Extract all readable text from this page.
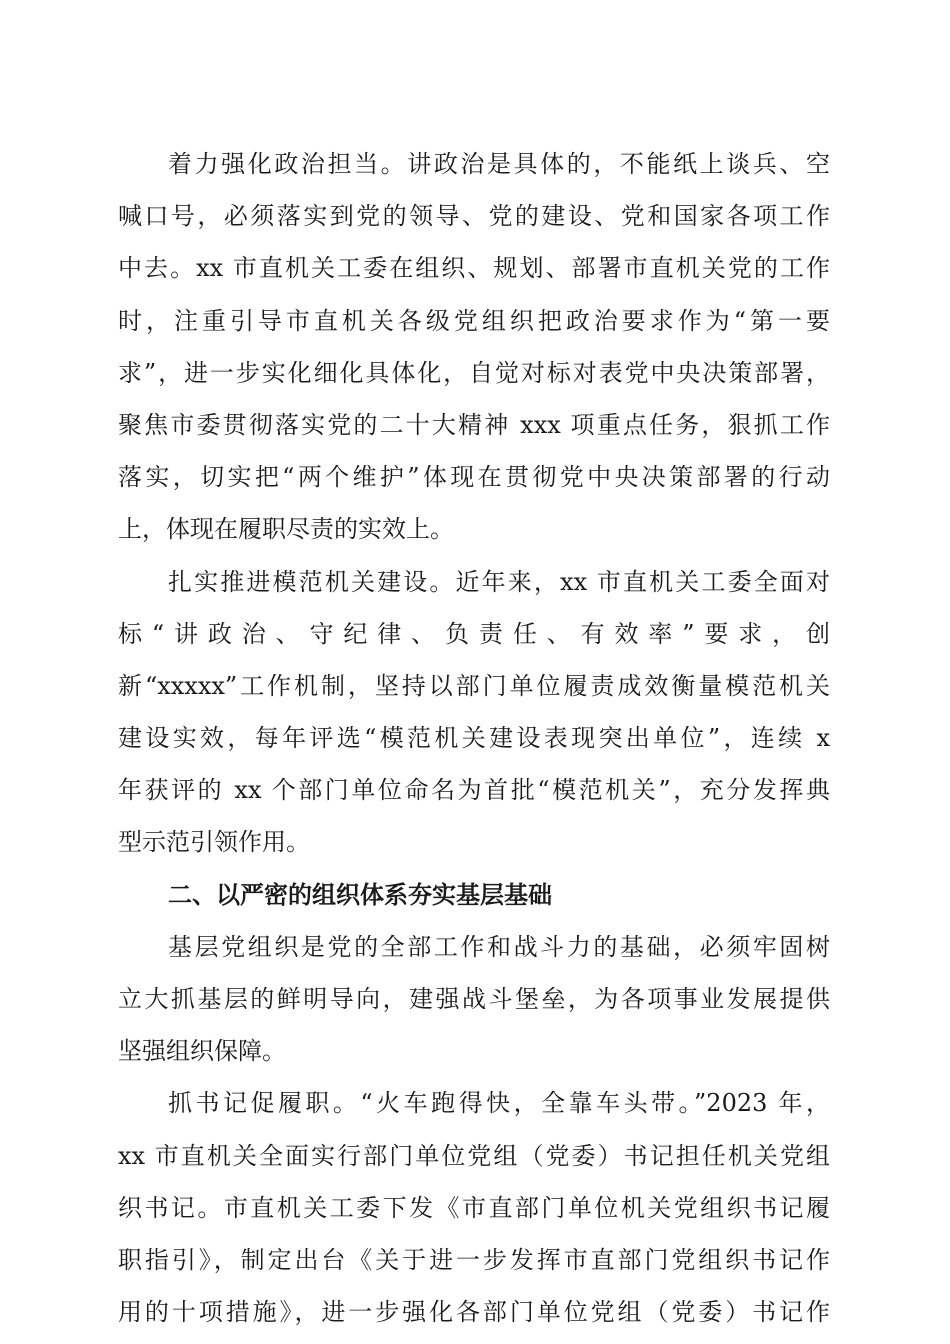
着力强化政治担当。讲政治是具体的，不能纸上谈兵、空
喊口号，必须落实到党的领导、党的建设、党和国家各项工作
中去。xx 市直机关工委在组织、规划、部署市直机关党的工作
时，注重引导市直机关各级党组织把政治要求作为“第一要
求”，进一步实化细化具体化，自觉对标对表党中央决策部署，
聚焦市委贯彻落实党的二十大精神 xxx 项重点任务，狠抓工作
落实，切实把“两个维护”体现在贯彻党中央决策部署的行动
上，体现在履职尽责的实效上。
扎实推进模范机关建设。近年来，xx 市直机关工委全面对
标“讲政治、守纪律、负责任、有效率”要求，创
新“xxxxx”工作机制，坚持以部门单位履责成效衡量模范机关
建设实效，每年评选“模范机关建设表现突出单位”，连续 x
年获评的 xx 个部门单位命名为首批“模范机关”，充分发挥典
型示范引领作用。
二、以严密的组织体系夯实基层基础
基层党组织是党的全部工作和战斗力的基础，必须牢固树
立大抓基层的鲜明导向，建强战斗堡垒，为各项事业发展提供
坚强组织保障。
抓书记促履职。“火车跑得快，全靠车头带。”2023 年，
xx 市直机关全面实行部门单位党组（党委）书记担任机关党组
织书记。市直机关工委下发《市直部门单位机关党组织书记履
职指引》，制定出台《关于进一步发挥市直部门党组织书记作
用的十项措施》，进一步强化各部门单位党组（党委）书记作
